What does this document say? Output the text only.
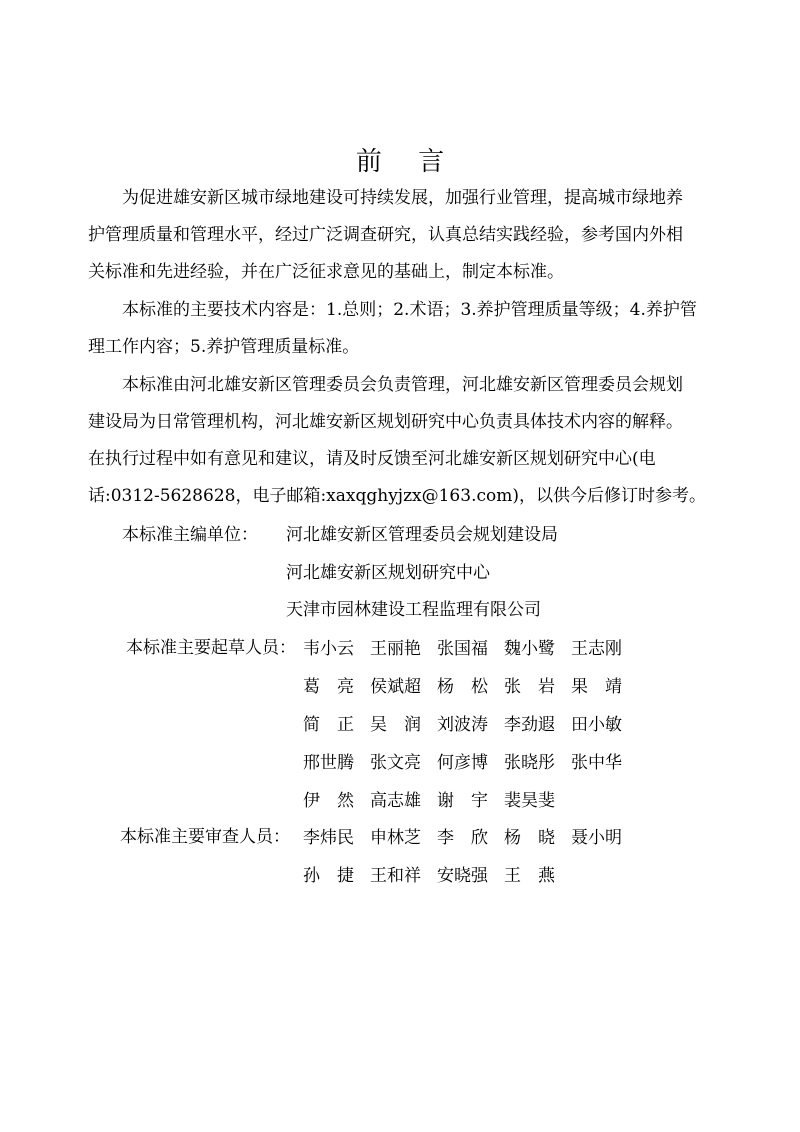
前 言
为促进雄安新区城市绿地建设可持续发展，加强行业管理，提高城市绿地养
护管理质量和管理水平，经过广泛调查研究，认真总结实践经验，参考国内外相
关标准和先进经验，并在广泛征求意见的基础上，制定本标准。
本标准的主要技术内容是：1.总则；2.术语；3.养护管理质量等级；4.养护管
理工作内容；5.养护管理质量标准。
本标准由河北雄安新区管理委员会负责管理，河北雄安新区管理委员会规划
建设局为日常管理机构，河北雄安新区规划研究中心负责具体技术内容的解释。
在执行过程中如有意见和建议，请及时反馈至河北雄安新区规划研究中心(电
话:0312-5628628，电子邮箱:xaxqghyjzx@163.com)，以供今后修订时参考。
本标准主编单位： 河北雄安新区管理委员会规划建设局
河北雄安新区规划研究中心
天津市园林建设工程监理有限公司
本标准主要起草人员： 韦小云 王丽艳 张国福 魏小鹭 王志刚
葛　亮 侯斌超 杨　松 张　岩 果　靖
简　正 吴　润 刘波涛 李劲遐 田小敏
邢世腾 张文亮 何彦博 张晓彤 张中华
伊　然 高志雄 谢　宇 裴昊斐
本标准主要审查人员： 李炜民 申林芝 李　欣 杨　晓 聂小明
孙　捷 王和祥 安晓强 王　燕
